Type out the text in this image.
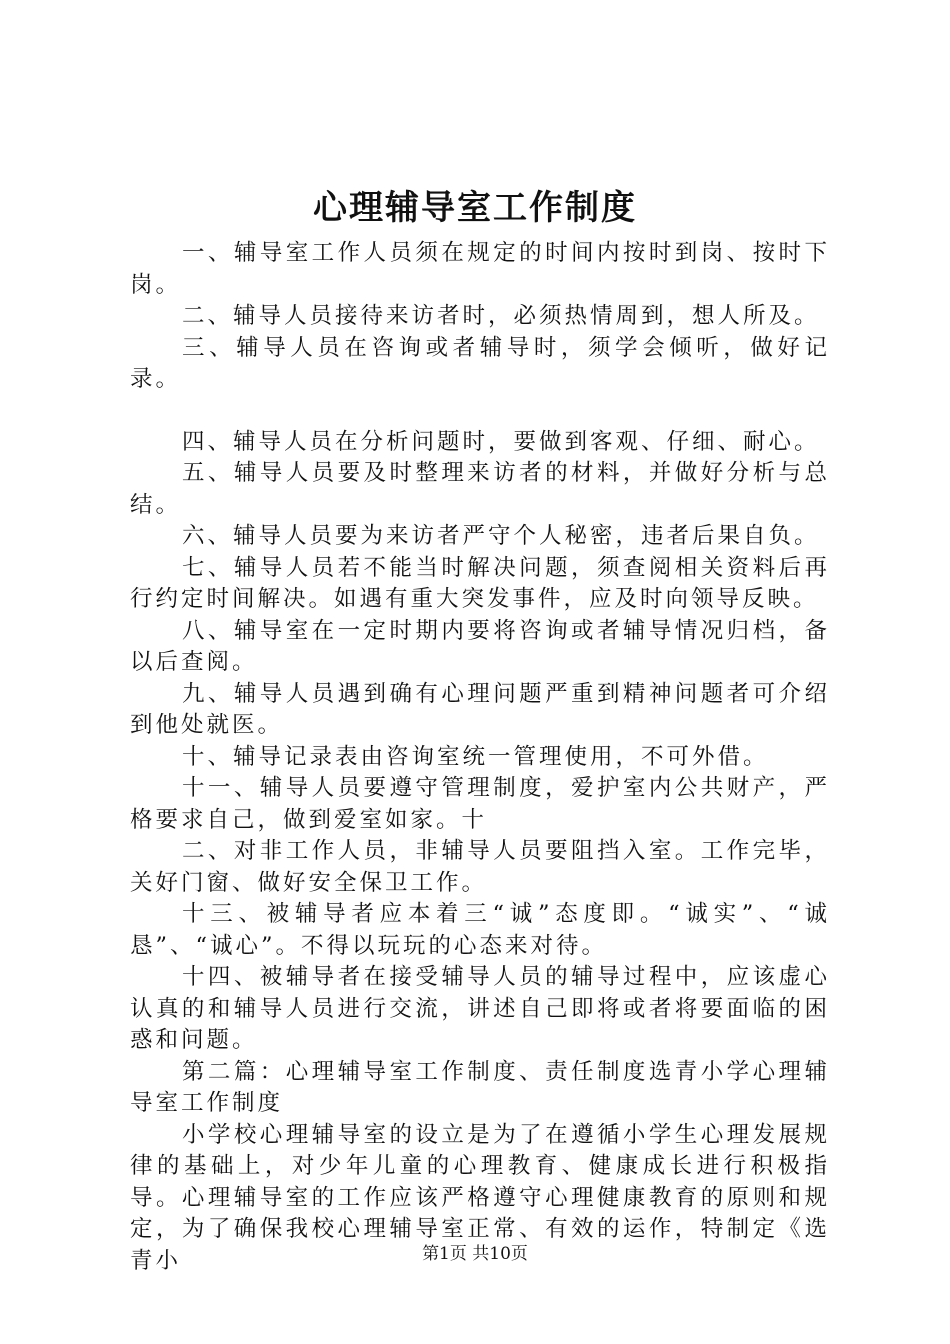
心理辅导室工作制度

一、辅导室工作人员须在规定的时间内按时到岗、按时下岗。

二、辅导人员接待来访者时，必须热情周到，想人所及。

三、辅导人员在咨询或者辅导时，须学会倾听，做好记录。

四、辅导人员在分析问题时，要做到客观、仔细、耐心。

五、辅导人员要及时整理来访者的材料，并做好分析与总结。

六、辅导人员要为来访者严守个人秘密，违者后果自负。

七、辅导人员若不能当时解决问题，须查阅相关资料后再行约定时间解决。如遇有重大突发事件，应及时向领导反映。

八、辅导室在一定时期内要将咨询或者辅导情况归档，备以后查阅。

九、辅导人员遇到确有心理问题严重到精神问题者可介绍到他处就医。

十、辅导记录表由咨询室统一管理使用，不可外借。

十一、辅导人员要遵守管理制度，爱护室内公共财产，严格要求自己，做到爱室如家。十

二、对非工作人员，非辅导人员要阻挡入室。工作完毕，关好门窗、做好安全保卫工作。

十三、被辅导者应本着三“诚”态度即。“诚实”、“诚恳”、“诚心”。不得以玩玩的心态来对待。

十四、被辅导者在接受辅导人员的辅导过程中，应该虚心认真的和辅导人员进行交流，讲述自己即将或者将要面临的困惑和问题。

第二篇：心理辅导室工作制度、责任制度选青小学心理辅导室工作制度

小学校心理辅导室的设立是为了在遵循小学生心理发展规律的基础上，对少年儿童的心理教育、健康成长进行积极指导。心理辅导室的工作应该严格遵守心理健康教育的原则和规定，为了确保我校心理辅导室正常、有效的运作，特制定《选青小	第1页 共10页
